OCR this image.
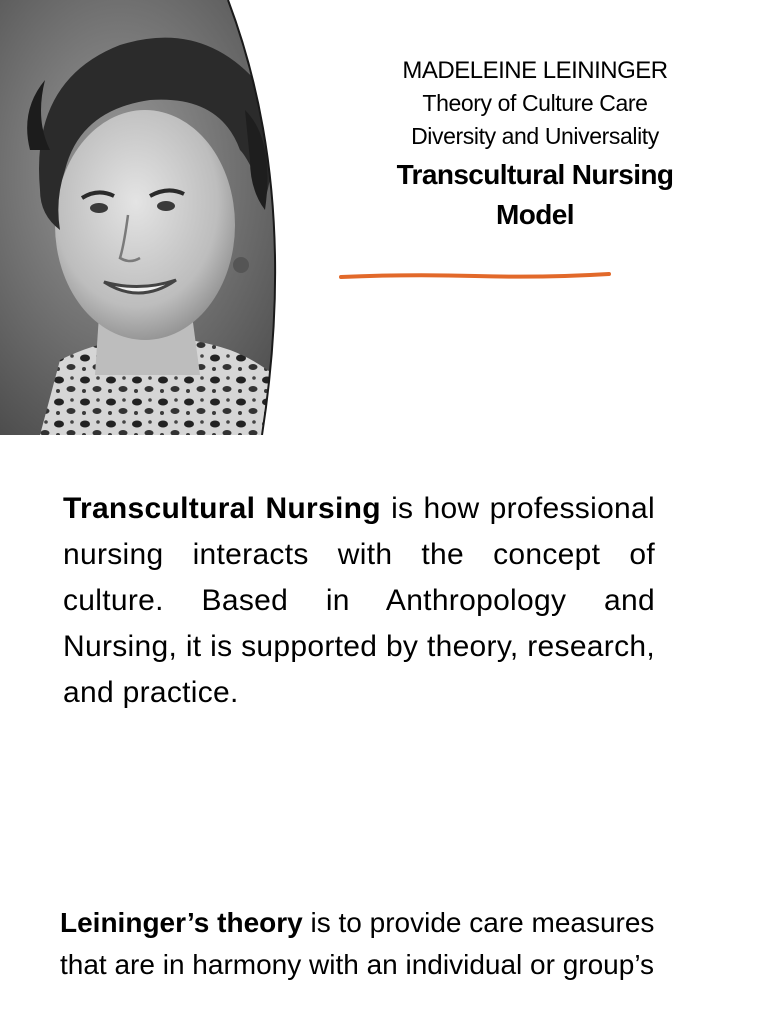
MADELEINE LEININGER
Theory of Culture Care
Diversity and Universality
Transcultural Nursing
Model

Transcultural Nursing is how professional nursing interacts with the concept of culture. Based in Anthropology and Nursing, it is supported by theory, research, and practice.

Leininger’s theory is to provide care measures that are in harmony with an individual or group’s
